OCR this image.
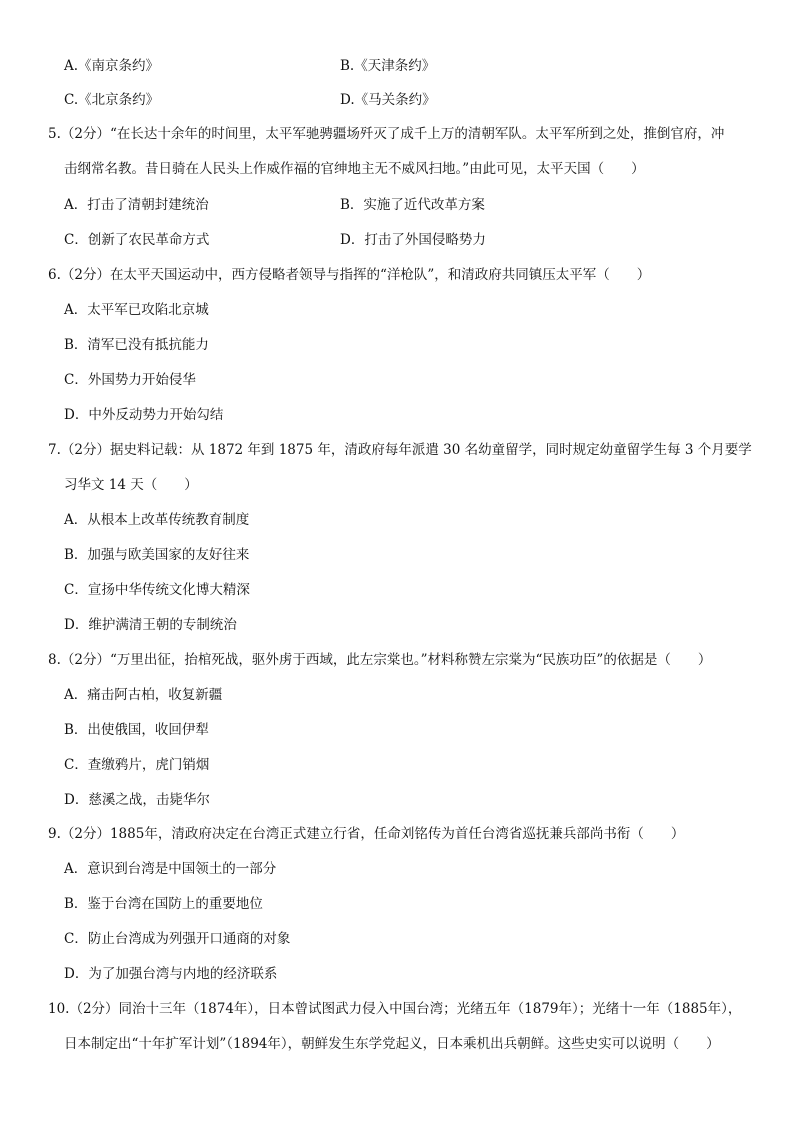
A.《南京条约》	B.《天津条约》
C.《北京条约》	D.《马关条约》
5.（2分）“在长达十余年的时间里，太平军驰骋疆场歼灭了成千上万的清朝军队。太平军所到之处，推倒官府，冲
击纲常名教。昔日骑在人民头上作威作福的官绅地主无不威风扫地。”由此可见，太平天国（　　）
A．打击了清朝封建统治	B．实施了近代改革方案
C．创新了农民革命方式	D．打击了外国侵略势力
6.（2分）在太平天国运动中，西方侵略者领导与指挥的“洋枪队”，和清政府共同镇压太平军（　　）
A．太平军已攻陷北京城
B．清军已没有抵抗能力
C．外国势力开始侵华
D．中外反动势力开始勾结
7.（2分）据史料记载：从 1872 年到 1875 年，清政府每年派遣 30 名幼童留学，同时规定幼童留学生每 3 个月要学
习华文 14 天（　　）
A．从根本上改革传统教育制度
B．加强与欧美国家的友好往来
C．宣扬中华传统文化博大精深
D．维护满清王朝的专制统治
8.（2分）“万里出征，抬棺死战，驱外虏于西域，此左宗棠也。”材料称赞左宗棠为“民族功臣”的依据是（　　）
A．痛击阿古柏，收复新疆
B．出使俄国，收回伊犁
C．查缴鸦片，虎门销烟
D．慈溪之战，击毙华尔
9.（2分）1885年，清政府决定在台湾正式建立行省，任命刘铭传为首任台湾省巡抚兼兵部尚书衔（　　）
A．意识到台湾是中国领土的一部分
B．鉴于台湾在国防上的重要地位
C．防止台湾成为列强开口通商的对象
D．为了加强台湾与内地的经济联系
10.（2分）同治十三年（1874年），日本曾试图武力侵入中国台湾；光绪五年（1879年）；光绪十一年（1885年），
日本制定出“十年扩军计划”（1894年），朝鲜发生东学党起义，日本乘机出兵朝鲜。这些史实可以说明（　　）
